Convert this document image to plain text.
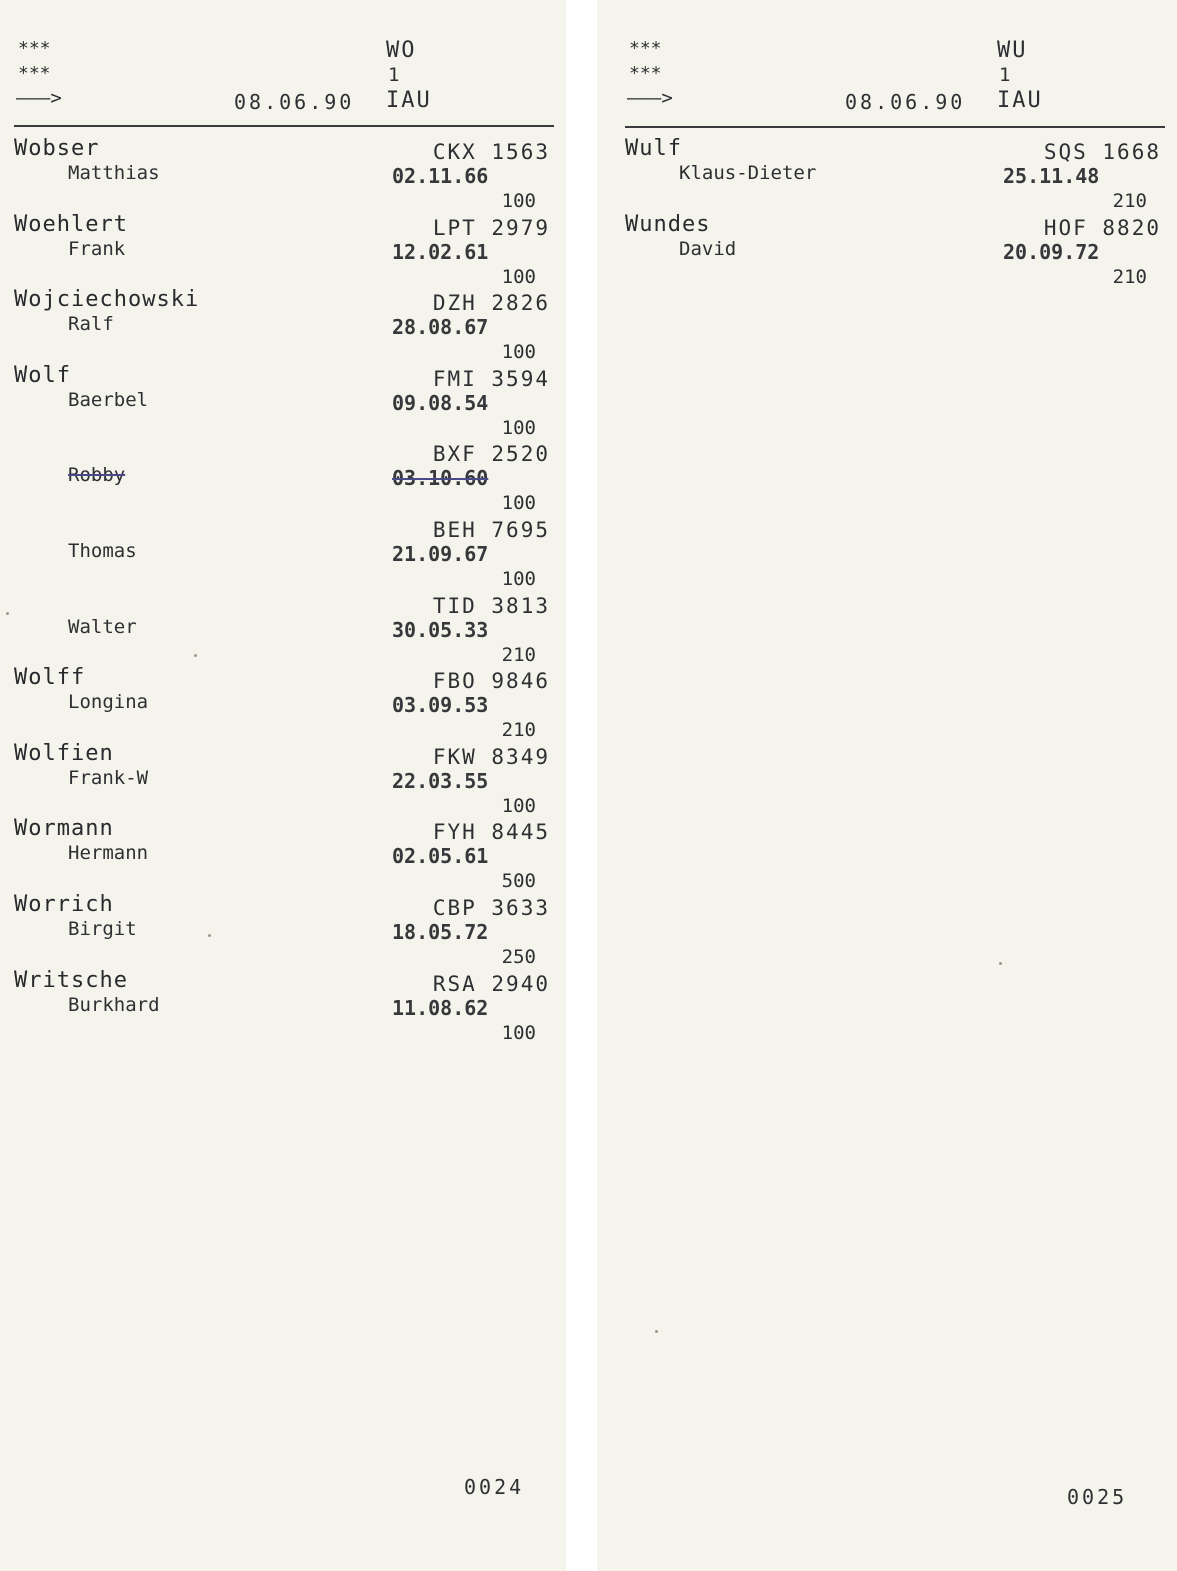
***
***
———>	08.06.90
WO
1
IAU
Wobser
Matthias
CKX 1563
02.11.66
100
Woehlert
Frank
LPT 2979
12.02.61
100
Wojciechowski
Ralf
DZH 2826
28.08.67
100
Wolf
Baerbel
FMI 3594
09.08.54
100
Robby
BXF 2520
03.10.60
100
Thomas
BEH 7695
21.09.67
100
Walter
TID 3813
30.05.33
210
Wolff
Longina
FBO 9846
03.09.53
210
Wolfien
Frank-W
FKW 8349
22.03.55
100
Wormann
Hermann
FYH 8445
02.05.61
500
Worrich
Birgit
CBP 3633
18.05.72
250
Writsche
Burkhard
RSA 2940
11.08.62
100
0024
***
***
———>	08.06.90
WU
1
IAU
Wulf
Klaus-Dieter
SQS 1668
25.11.48
210
Wundes
David
HOF 8820
20.09.72
210
0025
